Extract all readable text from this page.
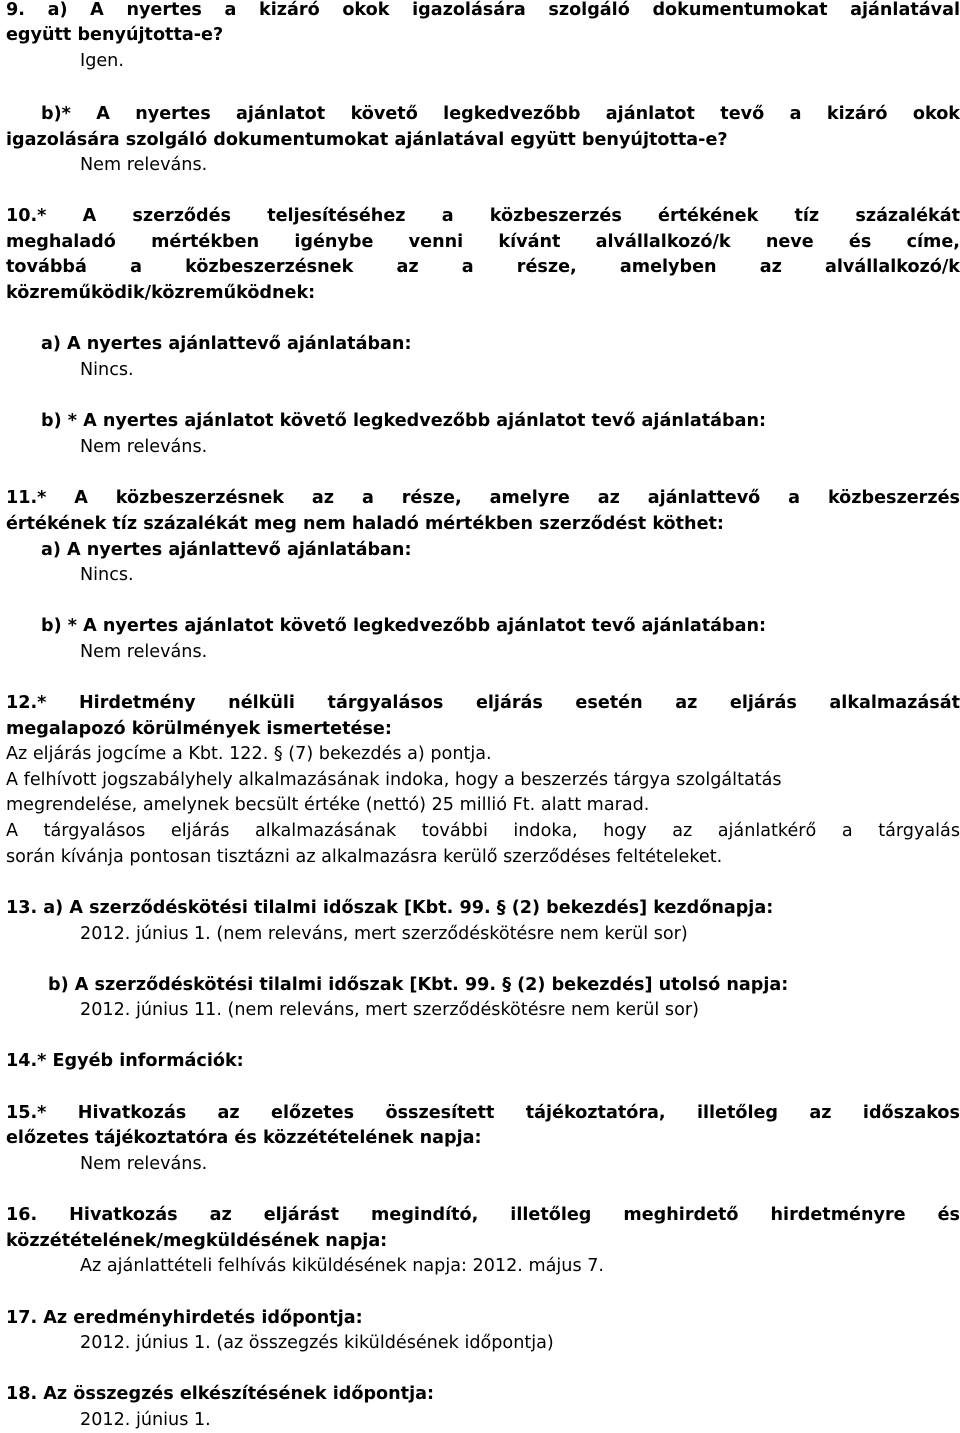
9. a) A nyertes a kizáró okok igazolására szolgáló dokumentumokat ajánlatával
együtt benyújtotta-e?
Igen.
b)* A nyertes ajánlatot követő legkedvezőbb ajánlatot tevő a kizáró okok
igazolására szolgáló dokumentumokat ajánlatával együtt benyújtotta-e?
Nem releváns.
10.* A szerződés teljesítéséhez a közbeszerzés értékének tíz százalékát
meghaladó mértékben igénybe venni kívánt alvállalkozó/k neve és címe,
továbbá a közbeszerzésnek az a része, amelyben az alvállalkozó/k
közreműködik/közreműködnek:
a) A nyertes ajánlattevő ajánlatában:
Nincs.
b) * A nyertes ajánlatot követő legkedvezőbb ajánlatot tevő ajánlatában:
Nem releváns.
11.* A közbeszerzésnek az a része, amelyre az ajánlattevő a közbeszerzés
értékének tíz százalékát meg nem haladó mértékben szerződést köthet:
a) A nyertes ajánlattevő ajánlatában:
Nincs.
b) * A nyertes ajánlatot követő legkedvezőbb ajánlatot tevő ajánlatában:
Nem releváns.
12.* Hirdetmény nélküli tárgyalásos eljárás esetén az eljárás alkalmazását
megalapozó körülmények ismertetése:
Az eljárás jogcíme a Kbt. 122. § (7) bekezdés a) pontja.
A felhívott jogszabályhely alkalmazásának indoka, hogy a beszerzés tárgya szolgáltatás
megrendelése, amelynek becsült értéke (nettó) 25 millió Ft. alatt marad.
A tárgyalásos eljárás alkalmazásának további indoka, hogy az ajánlatkérő a tárgyalás
során kívánja pontosan tisztázni az alkalmazásra kerülő szerződéses feltételeket.
13. a) A szerződéskötési tilalmi időszak [Kbt. 99. § (2) bekezdés] kezdőnapja:
2012. június 1. (nem releváns, mert szerződéskötésre nem kerül sor)
b) A szerződéskötési tilalmi időszak [Kbt. 99. § (2) bekezdés] utolsó napja:
2012. június 11. (nem releváns, mert szerződéskötésre nem kerül sor)
14.* Egyéb információk:
15.* Hivatkozás az előzetes összesített tájékoztatóra, illetőleg az időszakos
előzetes tájékoztatóra és közzétételének napja:
Nem releváns.
16. Hivatkozás az eljárást megindító, illetőleg meghirdető hirdetményre és
közzétételének/megküldésének napja:
Az ajánlattételi felhívás kiküldésének napja: 2012. május 7.
17. Az eredményhirdetés időpontja:
2012. június 1. (az összegzés kiküldésének időpontja)
18. Az összegzés elkészítésének időpontja:
2012. június 1.
